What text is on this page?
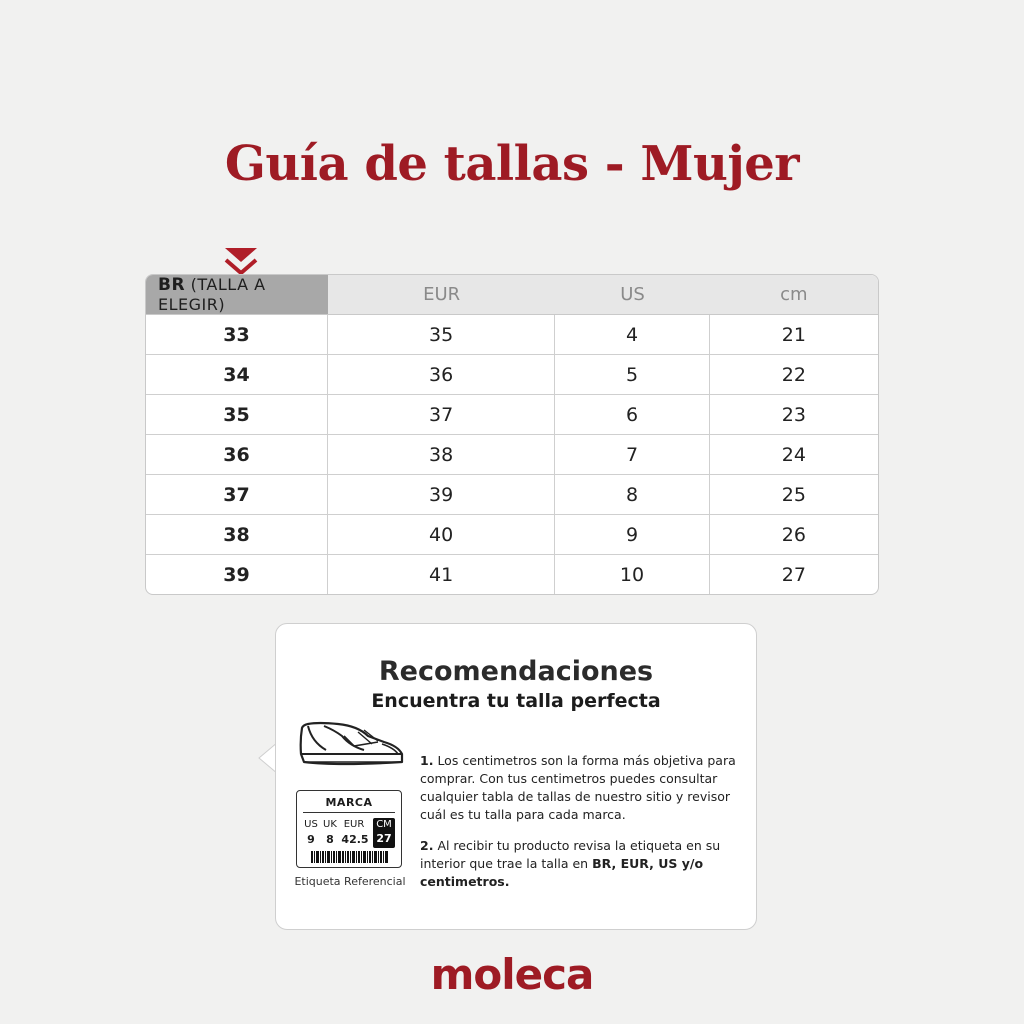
Guía de tallas - Mujer
BR (TALLA A ELEGIR)	EUR	US	cm
33	35	4	21
34	36	5	22
35	37	6	23
36	38	7	24
37	39	8	25
38	40	9	26
39	41	10	27
Recomendaciones
Encuentra tu talla perfecta
MARCA
US UK EUR
9	8 42.5
CM
27
Etiqueta Referencial

1. Los centimetros son la forma más objetiva para comprar. Con tus centimetros puedes consultar cualquier tabla de tallas de nuestro sitio y revisor cuál es tu talla para cada marca.

2. Al recibir tu producto revisa la etiqueta en su interior que trae la talla en BR, EUR, US y/o centimetros.

moleca
